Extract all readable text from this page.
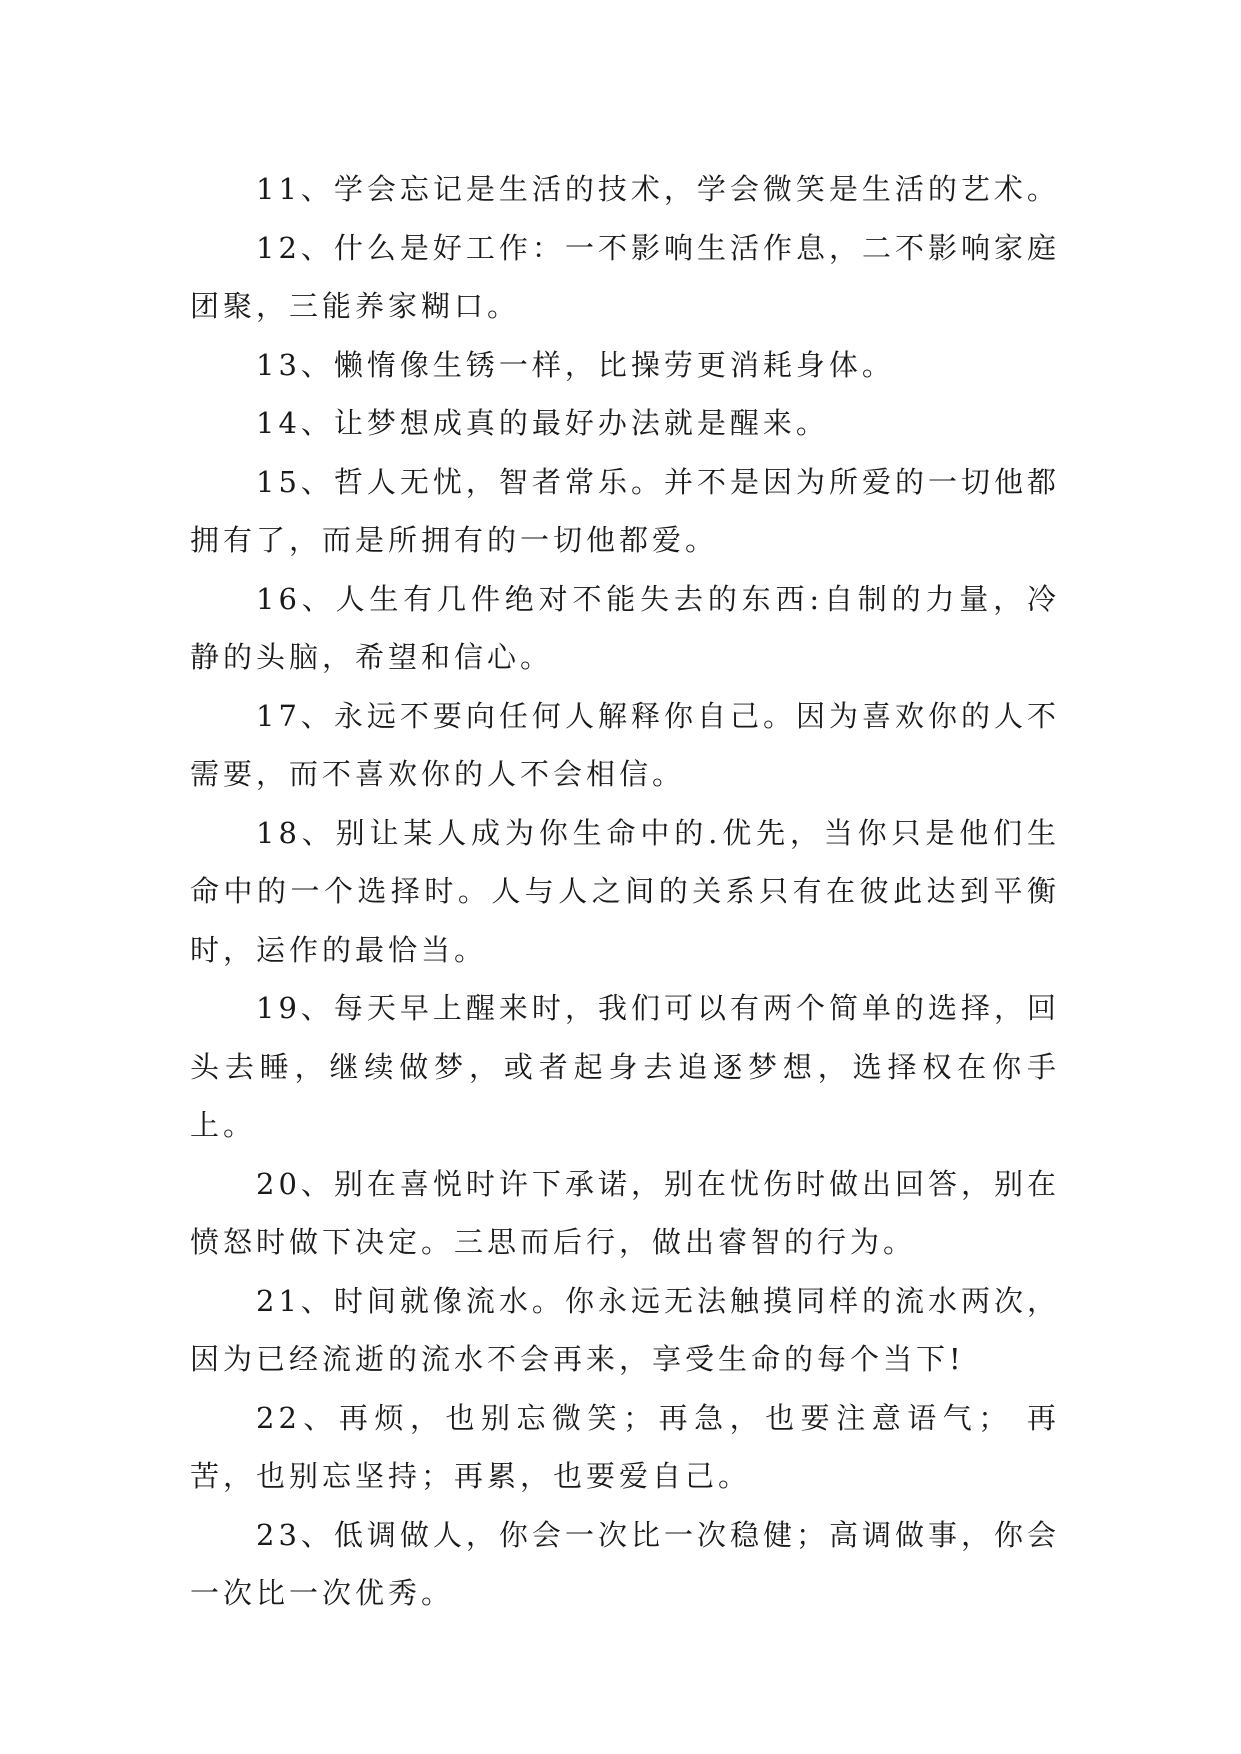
11、学会忘记是生活的技术，学会微笑是生活的艺术。

12、什么是好工作：一不影响生活作息，二不影响家庭团聚，三能养家糊口。

13、懒惰像生锈一样，比操劳更消耗身体。

14、让梦想成真的最好办法就是醒来。

15、哲人无忧，智者常乐。并不是因为所爱的一切他都拥有了，而是所拥有的一切他都爱。

16、人生有几件绝对不能失去的东西:自制的力量，冷静的头脑，希望和信心。

17、永远不要向任何人解释你自己。因为喜欢你的人不需要，而不喜欢你的人不会相信。

18、别让某人成为你生命中的.优先，当你只是他们生命中的一个选择时。人与人之间的关系只有在彼此达到平衡时，运作的最恰当。

19、每天早上醒来时，我们可以有两个简单的选择，回头去睡，继续做梦，或者起身去追逐梦想，选择权在你手上。

20、别在喜悦时许下承诺，别在忧伤时做出回答，别在愤怒时做下决定。三思而后行，做出睿智的行为。

21、时间就像流水。你永远无法触摸同样的流水两次，因为已经流逝的流水不会再来，享受生命的每个当下!

22、再烦，也别忘微笑；再急，也要注意语气； 再苦，也别忘坚持；再累，也要爱自己。

23、低调做人，你会一次比一次稳健；高调做事，你会一次比一次优秀。
